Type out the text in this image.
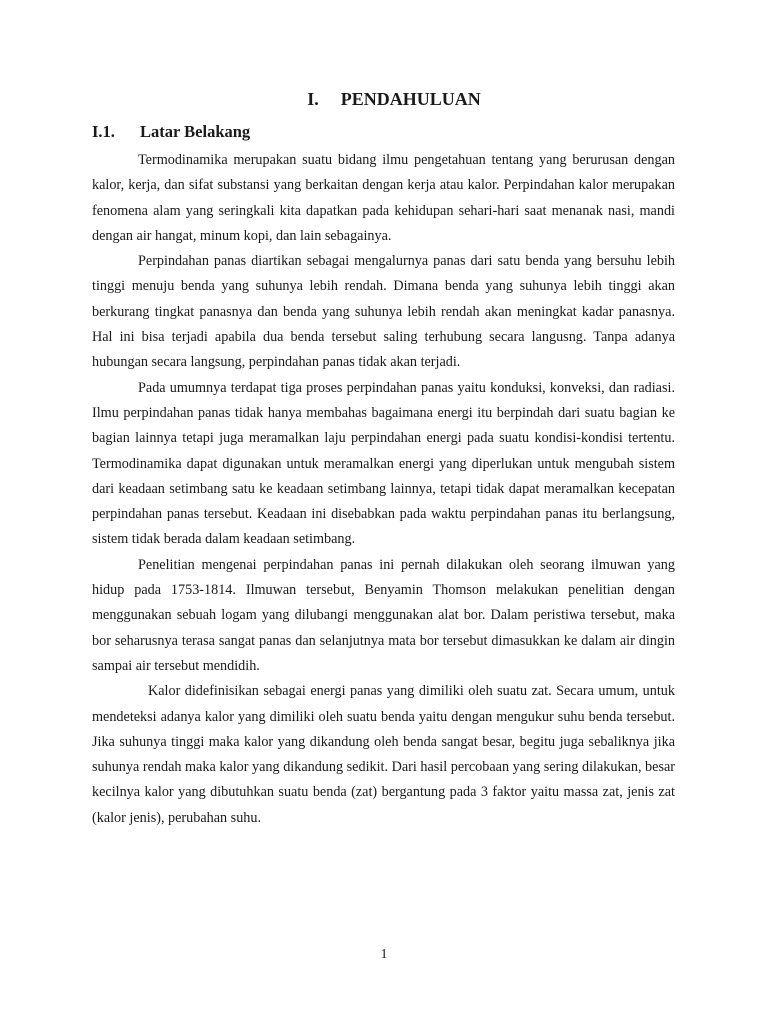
I. PENDAHULUAN
I.1. Latar Belakang

Termodinamika merupakan suatu bidang ilmu pengetahuan tentang yang berurusan dengan kalor, kerja, dan sifat substansi yang berkaitan dengan kerja atau kalor. Perpindahan kalor merupakan fenomena alam yang seringkali kita dapatkan pada kehidupan sehari-hari saat menanak nasi, mandi dengan air hangat, minum kopi, dan lain sebagainya.

Perpindahan panas diartikan sebagai mengalurnya panas dari satu benda yang bersuhu lebih tinggi menuju benda yang suhunya lebih rendah. Dimana benda yang suhunya lebih tinggi akan berkurang tingkat panasnya dan benda yang suhunya lebih rendah akan meningkat kadar panasnya. Hal ini bisa terjadi apabila dua benda tersebut saling terhubung secara langusng. Tanpa adanya hubungan secara langsung, perpindahan panas tidak akan terjadi.

Pada umumnya terdapat tiga proses perpindahan panas yaitu konduksi, konveksi, dan radiasi. Ilmu perpindahan panas tidak hanya membahas bagaimana energi itu berpindah dari suatu bagian ke bagian lainnya tetapi juga meramalkan laju perpindahan energi pada suatu kondisi-kondisi tertentu. Termodinamika dapat digunakan untuk meramalkan energi yang diperlukan untuk mengubah sistem dari keadaan setimbang satu ke keadaan setimbang lainnya, tetapi tidak dapat meramalkan kecepatan perpindahan panas tersebut. Keadaan ini disebabkan pada waktu perpindahan panas itu berlangsung, sistem tidak berada dalam keadaan setimbang.

Penelitian mengenai perpindahan panas ini pernah dilakukan oleh seorang ilmuwan yang hidup pada 1753-1814. Ilmuwan tersebut, Benyamin Thomson melakukan penelitian dengan menggunakan sebuah logam yang dilubangi menggunakan alat bor. Dalam peristiwa tersebut, maka bor seharusnya terasa sangat panas dan selanjutnya mata bor tersebut dimasukkan ke dalam air dingin sampai air tersebut mendidih.

Kalor didefinisikan sebagai energi panas yang dimiliki oleh suatu zat. Secara umum, untuk mendeteksi adanya kalor yang dimiliki oleh suatu benda yaitu dengan mengukur suhu benda tersebut. Jika suhunya tinggi maka kalor yang dikandung oleh benda sangat besar, begitu juga sebaliknya jika suhunya rendah maka kalor yang dikandung sedikit. Dari hasil percobaan yang sering dilakukan, besar kecilnya kalor yang dibutuhkan suatu benda (zat) bergantung pada 3 faktor yaitu massa zat, jenis zat (kalor jenis), perubahan suhu.

1
